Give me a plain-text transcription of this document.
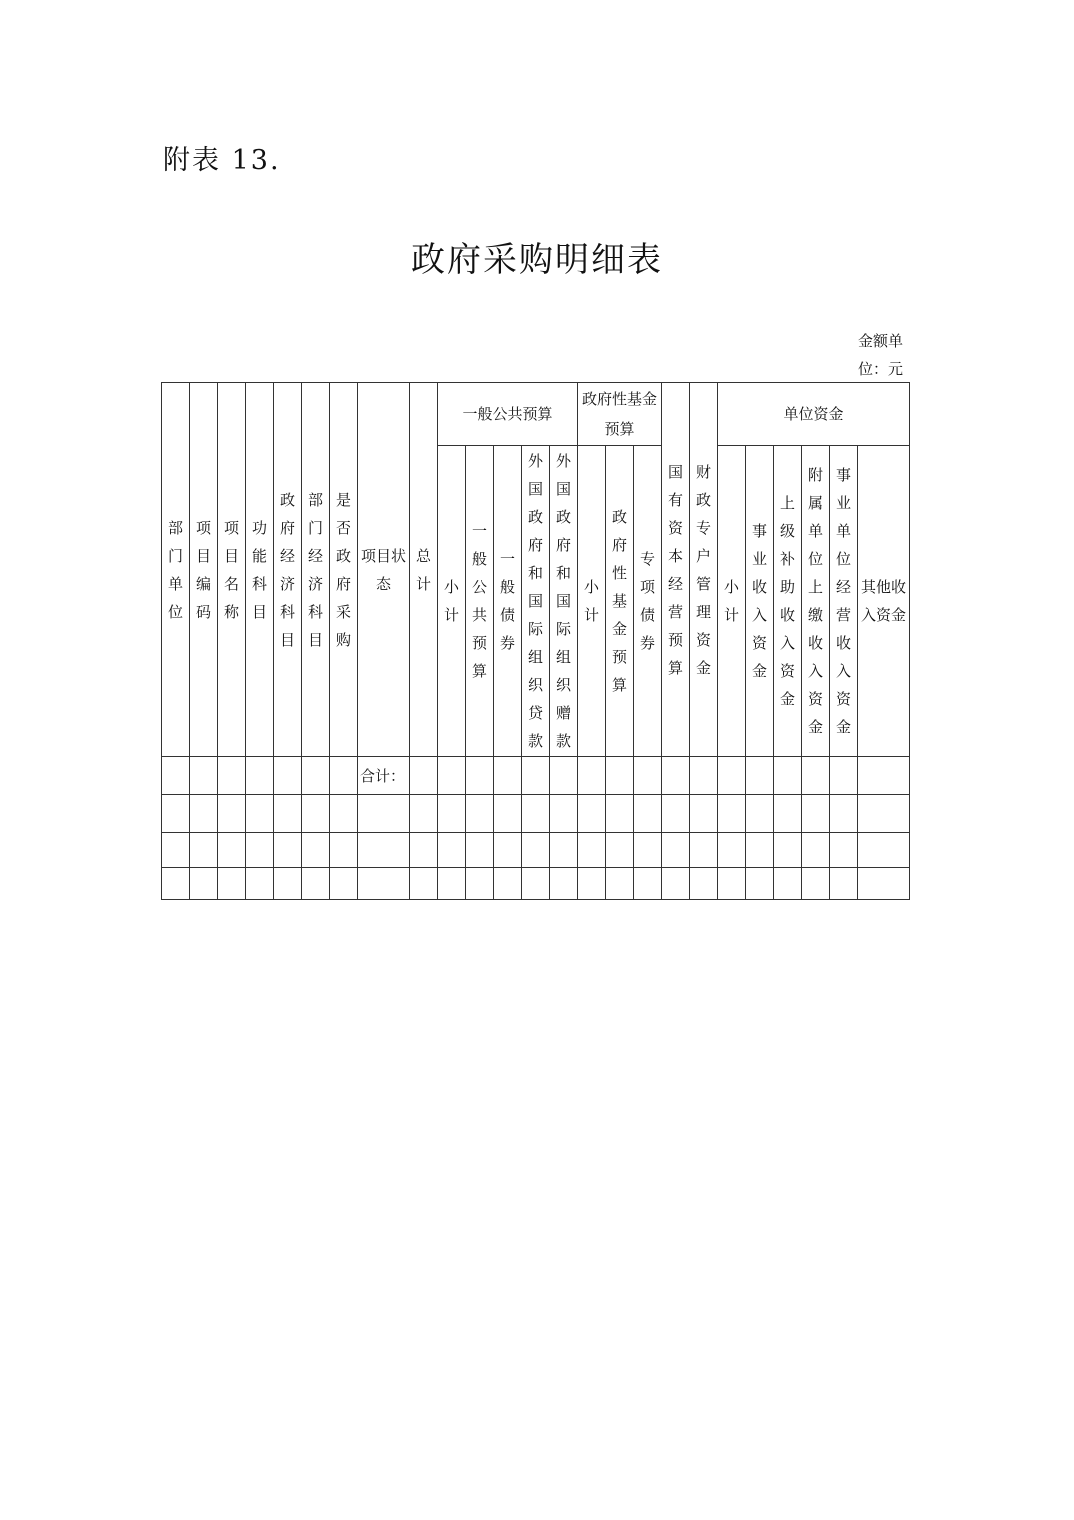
附表 13.
政府采购明细表
金额单位：元
部门单位	项目编码	项目名称	功能科目	政府经济科目	部门经济科目	是否政府采购	项目状态	总计	一般公共预算					政府性基金预算			国有资本经营预算	财政专户管理资金	单位资金					
									小计	一般公共预算	一般债券	外国政府和国际组织贷款	外国政府和国际组织赠款	小计	政府性基金预算	专项债券			小计	事业收入资金	上级补助收入资金	附属单位上缴收入资金	事业单位经营收入资金	其他收入资金
							合计：																	
